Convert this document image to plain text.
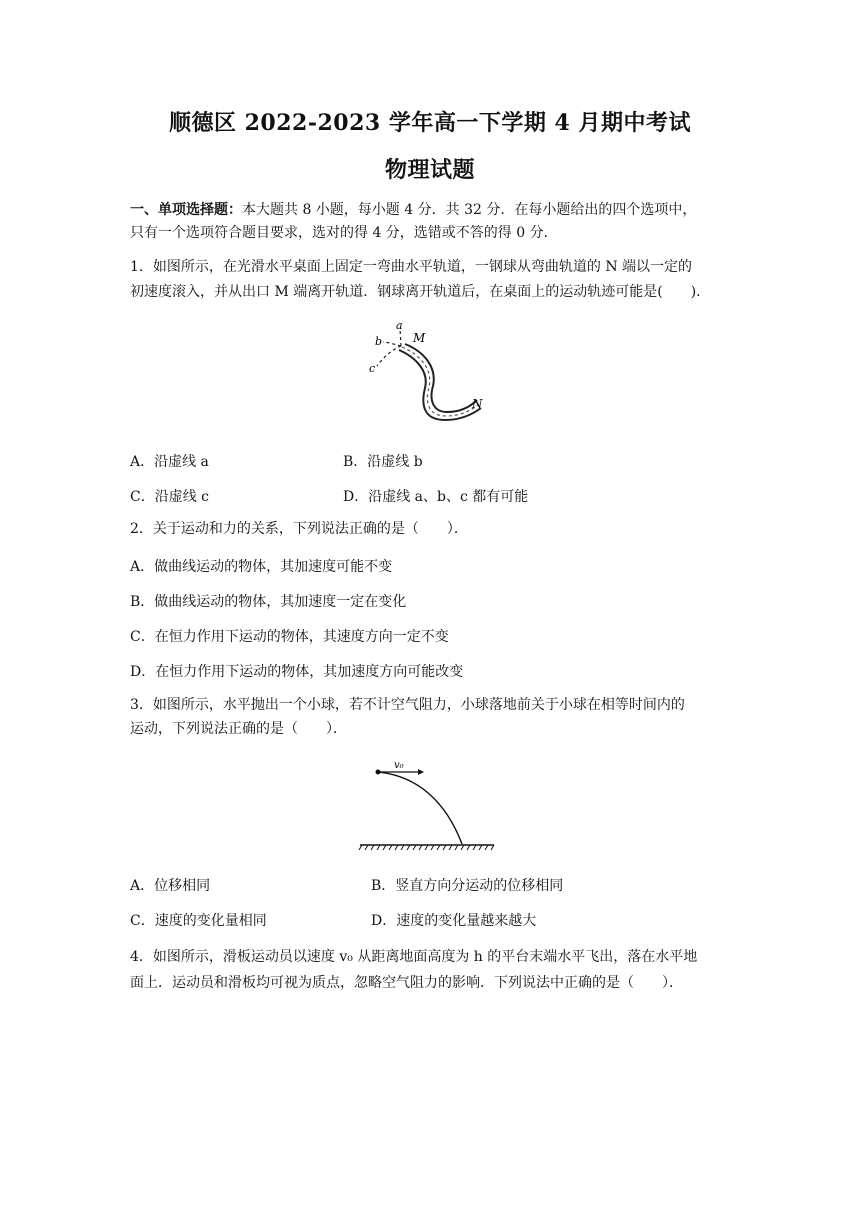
顺德区 2022-2023 学年高一下学期 4 月期中考试
物理试题
一、单项选择题：本大题共 8 小题，每小题 4 分．共 32 分．在每小题给出的四个选项中，
只有一个选项符合题目要求，选对的得 4 分，选错或不答的得 0 分．
1．如图所示，在光滑水平桌面上固定一弯曲水平轨道，一钢球从弯曲轨道的 N 端以一定的
初速度滚入，并从出口 M 端离开轨道．钢球离开轨道后，在桌面上的运动轨迹可能是(　　)．
a
b
c
M
N
A．沿虚线 a	B．沿虚线 b
C．沿虚线 c	D．沿虚线 a、b、c 都有可能
2．关于运动和力的关系，下列说法正确的是（　　）．
A．做曲线运动的物体，其加速度可能不变
B．做曲线运动的物体，其加速度一定在变化
C．在恒力作用下运动的物体，其速度方向一定不变
D．在恒力作用下运动的物体，其加速度方向可能改变
3．如图所示，水平抛出一个小球，若不计空气阻力，小球落地前关于小球在相等时间内的
运动，下列说法正确的是（　　）．
v₀
A．位移相同	B．竖直方向分运动的位移相同
C．速度的变化量相同	D．速度的变化量越来越大
4．如图所示，滑板运动员以速度 v₀ 从距离地面高度为 h 的平台末端水平飞出，落在水平地
面上．运动员和滑板均可视为质点，忽略空气阻力的影响．下列说法中正确的是（　　）．
